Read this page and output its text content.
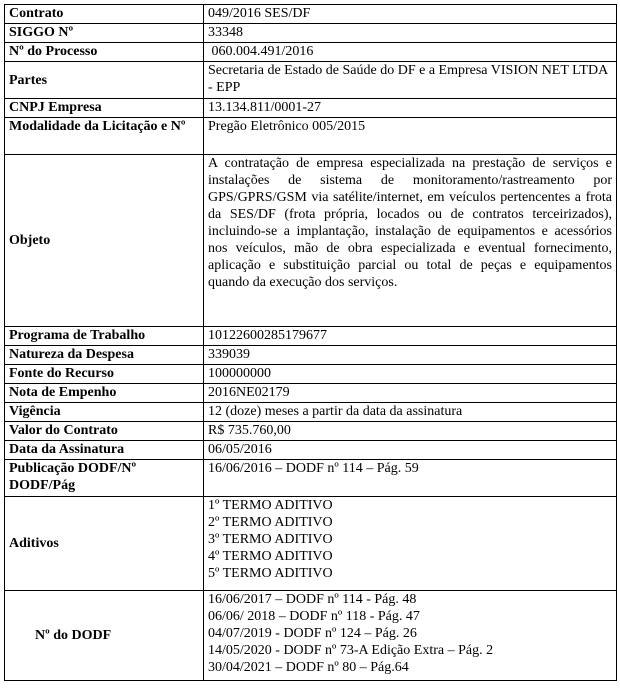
Contrato	049/2016 SES/DF
SIGGO Nº	33348
Nº do Processo	060.004.491/2016
Partes	Secretaria de Estado de Saúde do DF e a Empresa VISION NET LTDA - EPP
CNPJ Empresa	13.134.811/0001-27
Modalidade da Licitação e Nº	Pregão Eletrônico 005/2015
Objeto	A contratação de empresa especializada na prestação de serviços e instalações de sistema de monitoramento/rastreamento por GPS/GPRS/GSM via satélite/internet, em veículos pertencentes a frota da SES/DF (frota própria, locados ou de contratos terceirizados), incluindo-se a implantação, instalação de equipamentos e acessórios nos veículos, mão de obra especializada e eventual fornecimento, aplicação e substituição parcial ou total de peças e equipamentos quando da execução dos serviços.
Programa de Trabalho	10122600285179677
Natureza da Despesa	339039
Fonte do Recurso	100000000
Nota de Empenho	2016NE02179
Vigência	12 (doze) meses a partir da data da assinatura
Valor do Contrato	R$ 735.760,00
Data da Assinatura	06/05/2016
Publicação DODF/Nº DODF/Pág	16/06/2016 – DODF nº 114 – Pág. 59
Aditivos	1º TERMO ADITIVO
2º TERMO ADITIVO
3º TERMO ADITIVO
4º TERMO ADITIVO
5º TERMO ADITIVO

Nº do DODF	16/06/2017 – DODF nº 114 - Pág. 48
06/06/ 2018 – DODF nº 118 - Pág. 47
04/07/2019 - DODF nº 124 – Pág. 26
14/05/2020 - DODF nº 73-A Edição Extra – Pág. 2
30/04/2021 – DODF nº 80 – Pág.64
